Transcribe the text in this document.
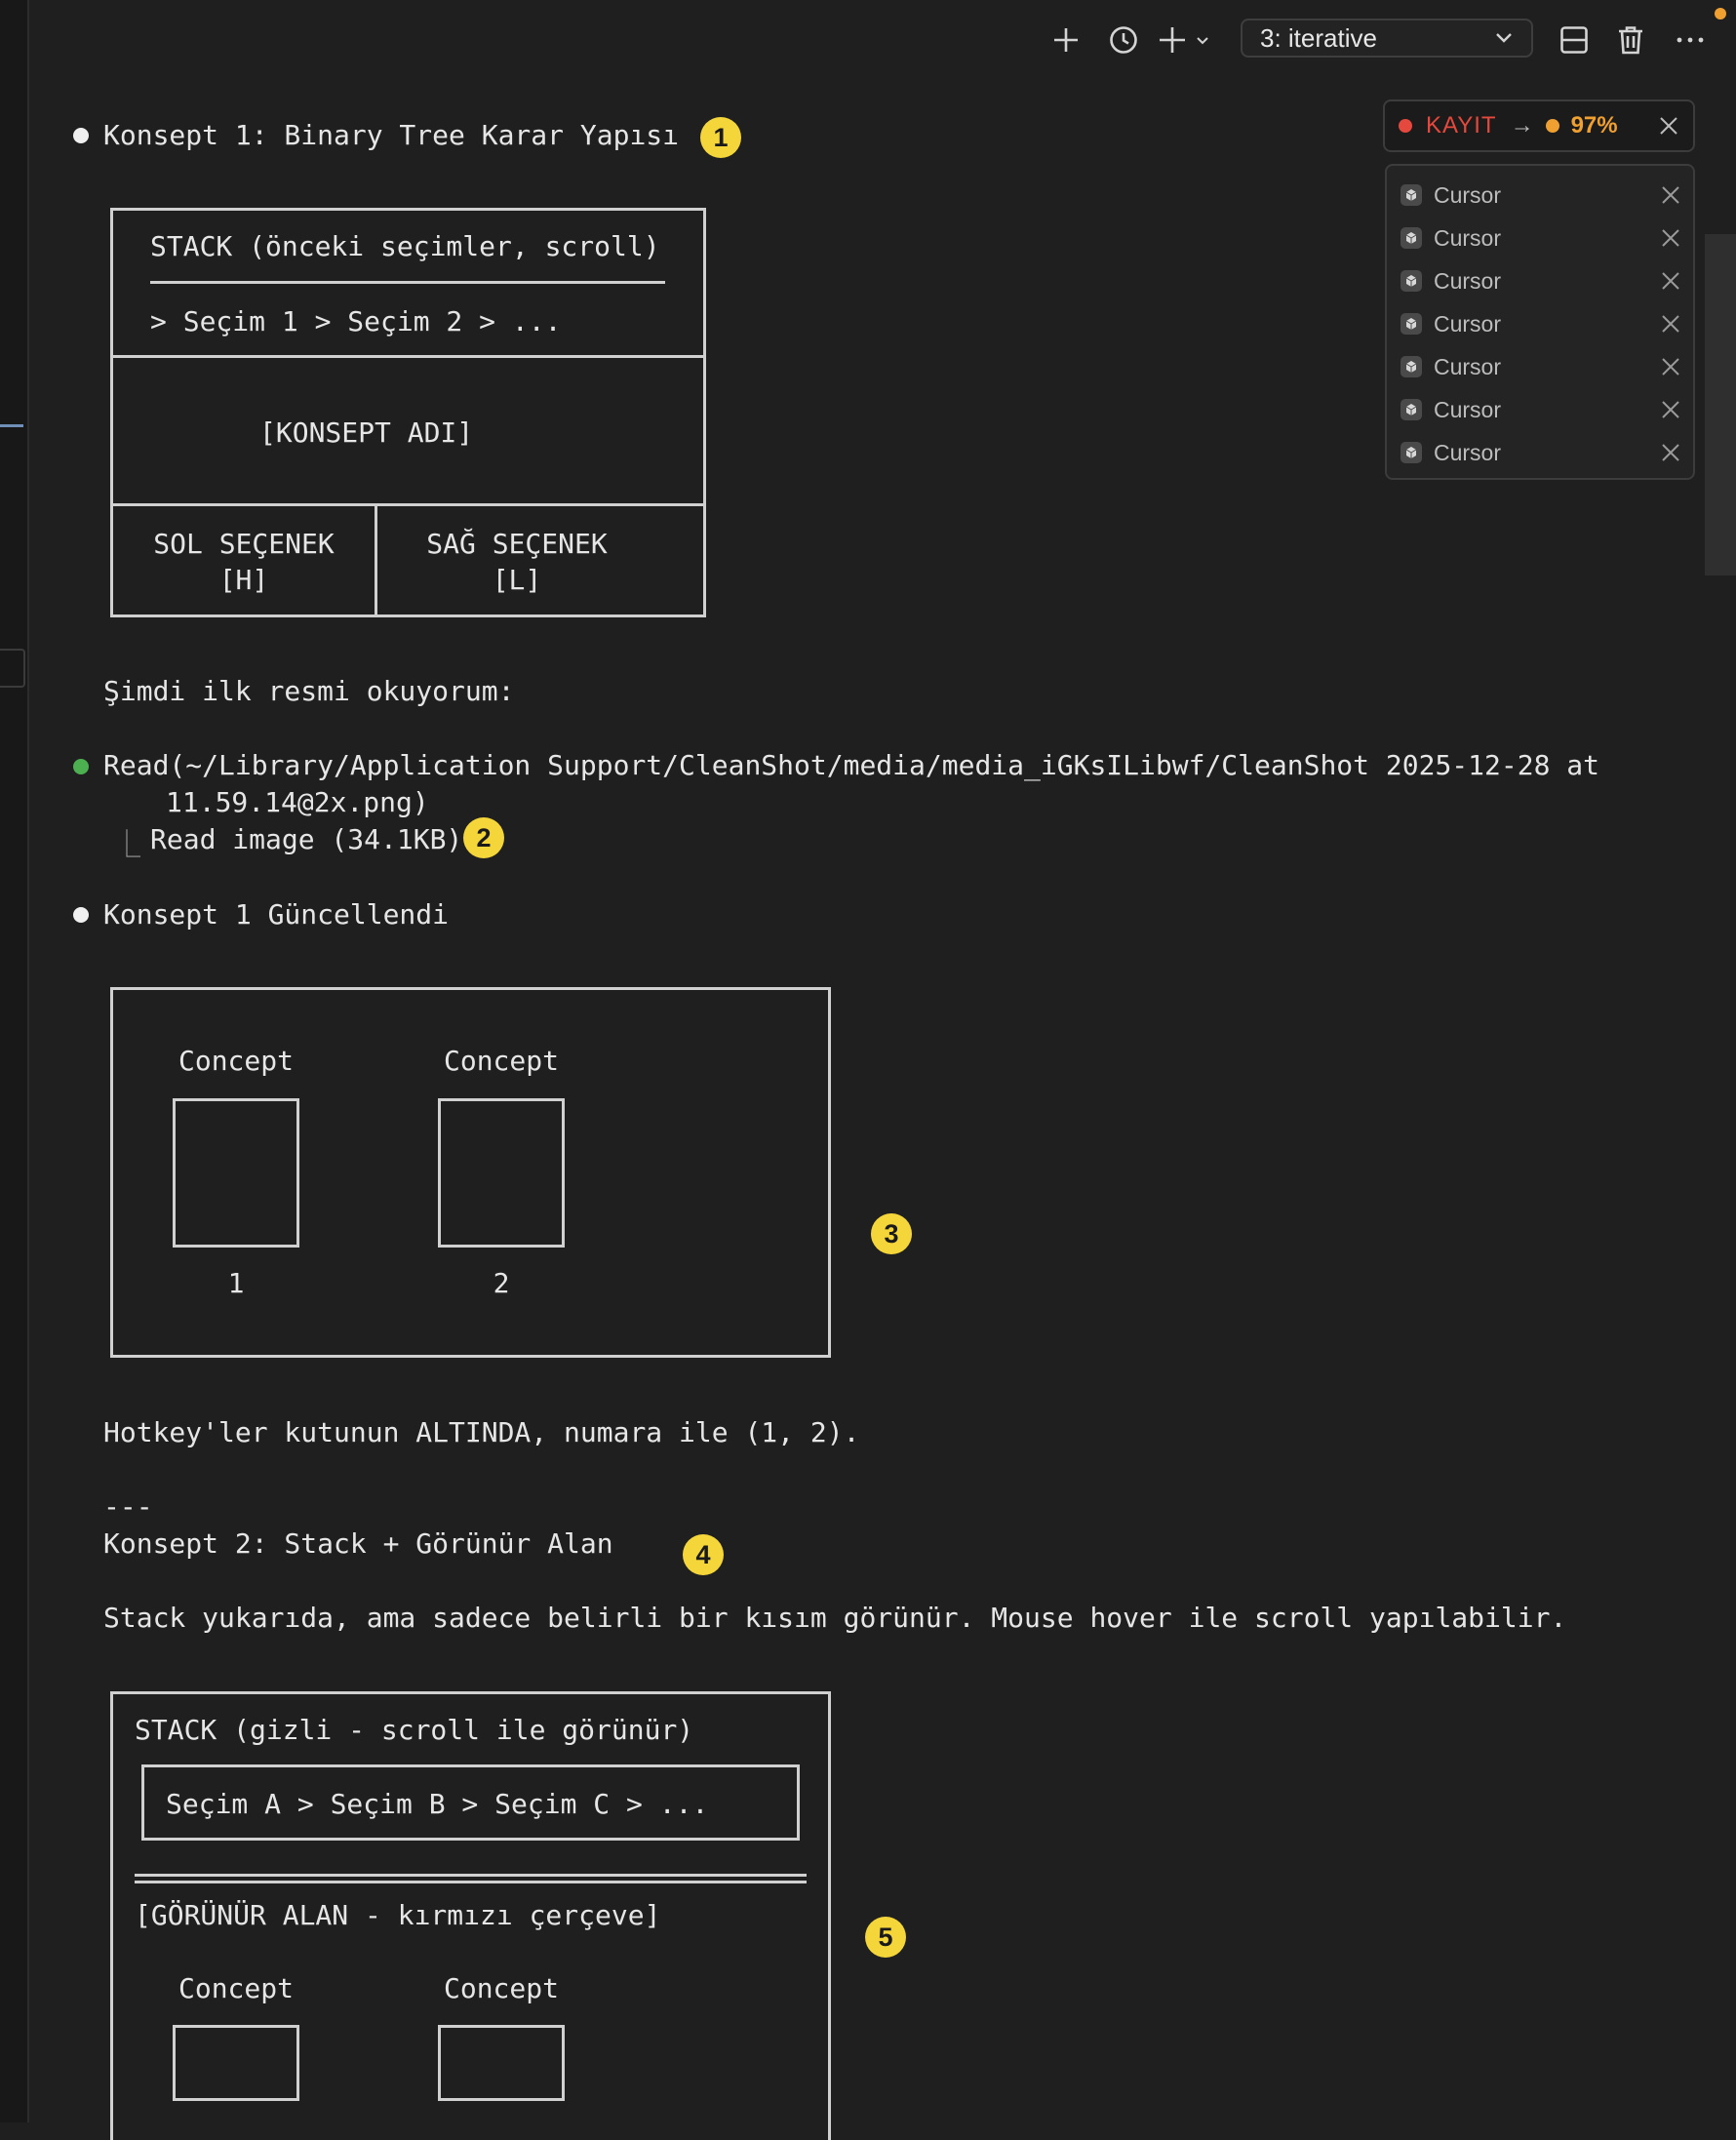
3: iterative
KAYIT → 97%
Cursor
Cursor
Cursor
Cursor
Cursor
Cursor
Cursor
Konsept 1: Binary Tree Karar Yapısı
STACK (önceki seçimler, scroll)
> Seçim 1 > Seçim 2 > ...
[KONSEPT ADI]
SOL SEÇENEK
[H]
SAĞ SEÇENEK
[L]
Şimdi ilk resmi okuyorum:
Read(~/Library/Application Support/CleanShot/media/media_iGKsILibwf/CleanShot 2025-12-28 at
11.59.14@2x.png)
⎿ Read image (34.1KB)
Konsept 1 Güncellendi
Concept
1
Concept
2
Hotkey'ler kutunun ALTINDA, numara ile (1, 2).
---
Konsept 2: Stack + Görünür Alan
Stack yukarıda, ama sadece belirli bir kısım görünür. Mouse hover ile scroll yapılabilir.
STACK (gizli - scroll ile görünür)
Seçim A > Seçim B > Seçim C > ...
[GÖRÜNÜR ALAN - kırmızı çerçeve]
Concept	Concept
1
2
3
4
5
